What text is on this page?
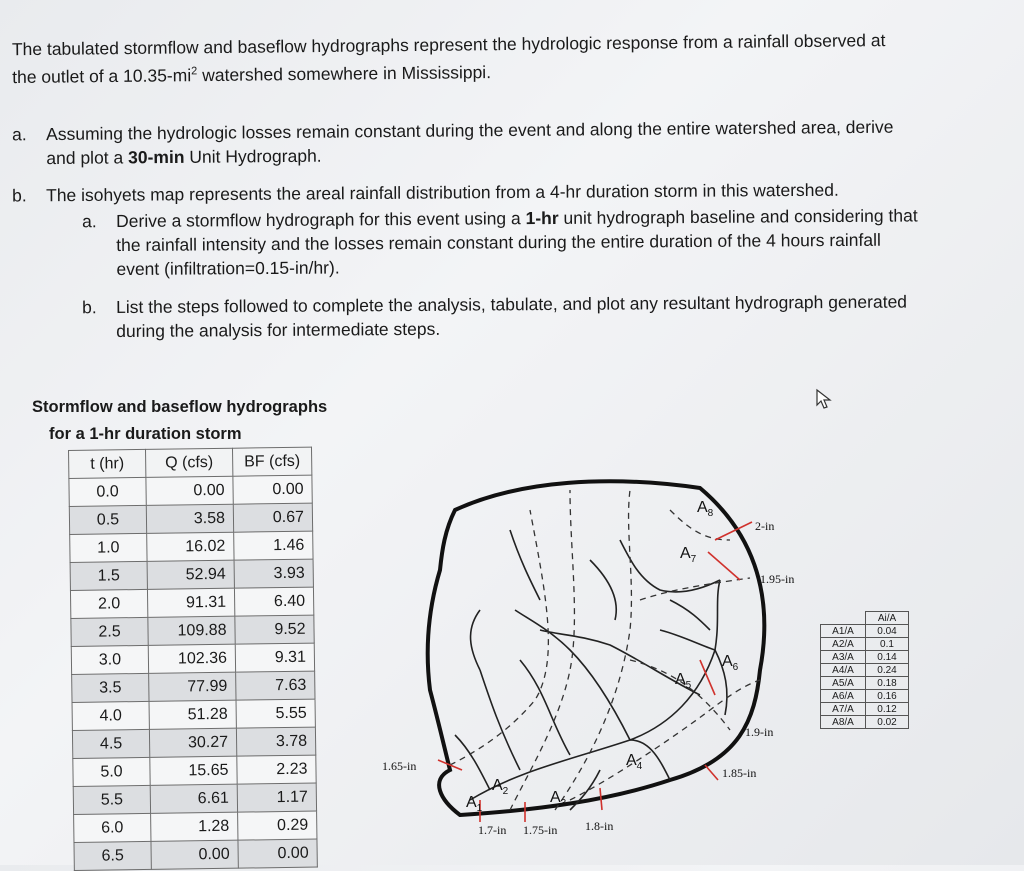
The tabulated stormflow and baseflow hydrographs represent the hydrologic response from a rainfall observed at
the outlet of a $10.35-mi^2$ watershed somewhere in Mississippi.
a. Assuming the hydrologic losses remain constant during the event and along the entire watershed area, derive
and plot a 30-min Unit Hydrograph.
b. The isohyets map represents the areal rainfall distribution from a 4-hr duration storm in this watershed.
a. Derive a stormflow hydrograph for this event using a 1-hr unit hydrograph baseline and considering that
the rainfall intensity and the losses remain constant during the entire duration of the 4 hours rainfall
event (infiltration=0.15-in/hr).
b. List the steps followed to complete the analysis, tabulate, and plot any resultant hydrograph generated
during the analysis for intermediate steps.
Stormflow and baseflow hydrographs
for a 1-hr duration storm
t (hr)	Q (cfs)	BF (cfs)
0.0	0.00	0.00
0.5	3.58	0.67
1.0	16.02	1.46
1.5	52.94	3.93
2.0	91.31	6.40
2.5	109.88	9.52
3.0	102.36	9.31
3.5	77.99	7.63
4.0	51.28	5.55
4.5	30.27	3.78
5.0	15.65	2.23
5.5	6.61	1.17
6.0	1.28	0.29
6.5	0.00	0.00
2-in
1.95-in
1.9-in
1.85-in
1.65-in
1.7-in 1.75-in 1.8-in
$A_1$
$A_2$	$A_3$
$A_4$
$A_5$
$A_6$
$A_7$
$A_8$
	Ai/A
A1/A	0.04
A2/A	0.1
A3/A	0.14
A4/A	0.24
A5/A	0.18
A6/A	0.16
A7/A	0.12
A8/A	0.02
